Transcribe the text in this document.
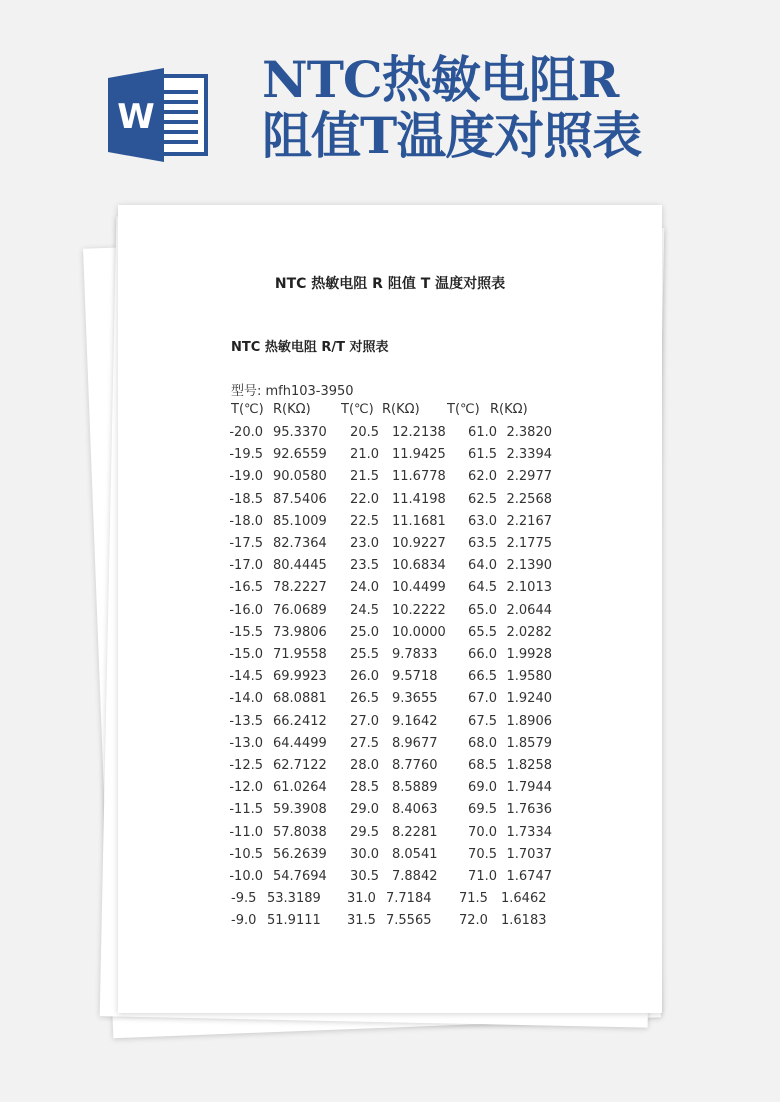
W
NTC热敏电阻R
阻值T温度对照表
NTC 热敏电阻 R 阻值 T 温度对照表
NTC 热敏电阻 R/T 对照表
型号: mfh103-3950
T(℃) R(KΩ) T(℃) R(KΩ) T(℃) R(KΩ)
-20.0 95.3370	20.5 12.2138	61.0 2.3820
-19.5 92.6559	21.0 11.9425	61.5 2.3394
-19.0 90.0580	21.5 11.6778	62.0 2.2977
-18.5 87.5406	22.0 11.4198	62.5 2.2568
-18.0 85.1009	22.5 11.1681	63.0 2.2167
-17.5 82.7364	23.0 10.9227	63.5 2.1775
-17.0 80.4445	23.5 10.6834	64.0 2.1390
-16.5 78.2227	24.0 10.4499	64.5 2.1013
-16.0 76.0689	24.5 10.2222	65.0 2.0644
-15.5 73.9806	25.0 10.0000	65.5 2.0282
-15.0 71.9558	25.5 9.7833	66.0 1.9928
-14.5 69.9923	26.0 9.5718	66.5 1.9580
-14.0 68.0881	26.5 9.3655	67.0 1.9240
-13.5 66.2412	27.0 9.1642	67.5 1.8906
-13.0 64.4499	27.5 8.9677	68.0 1.8579
-12.5 62.7122	28.0 8.7760	68.5 1.8258
-12.0 61.0264	28.5 8.5889	69.0 1.7944
-11.5 59.3908	29.0 8.4063	69.5 1.7636
-11.0 57.8038	29.5 8.2281	70.0 1.7334
-10.5 56.2639	30.0 8.0541	70.5 1.7037
-10.0 54.7694	30.5 7.8842	71.0 1.6747
-9.5 53.3189 31.0 7.7184 71.5 1.6462
-9.0 51.9111 31.5 7.5565 72.0 1.6183
